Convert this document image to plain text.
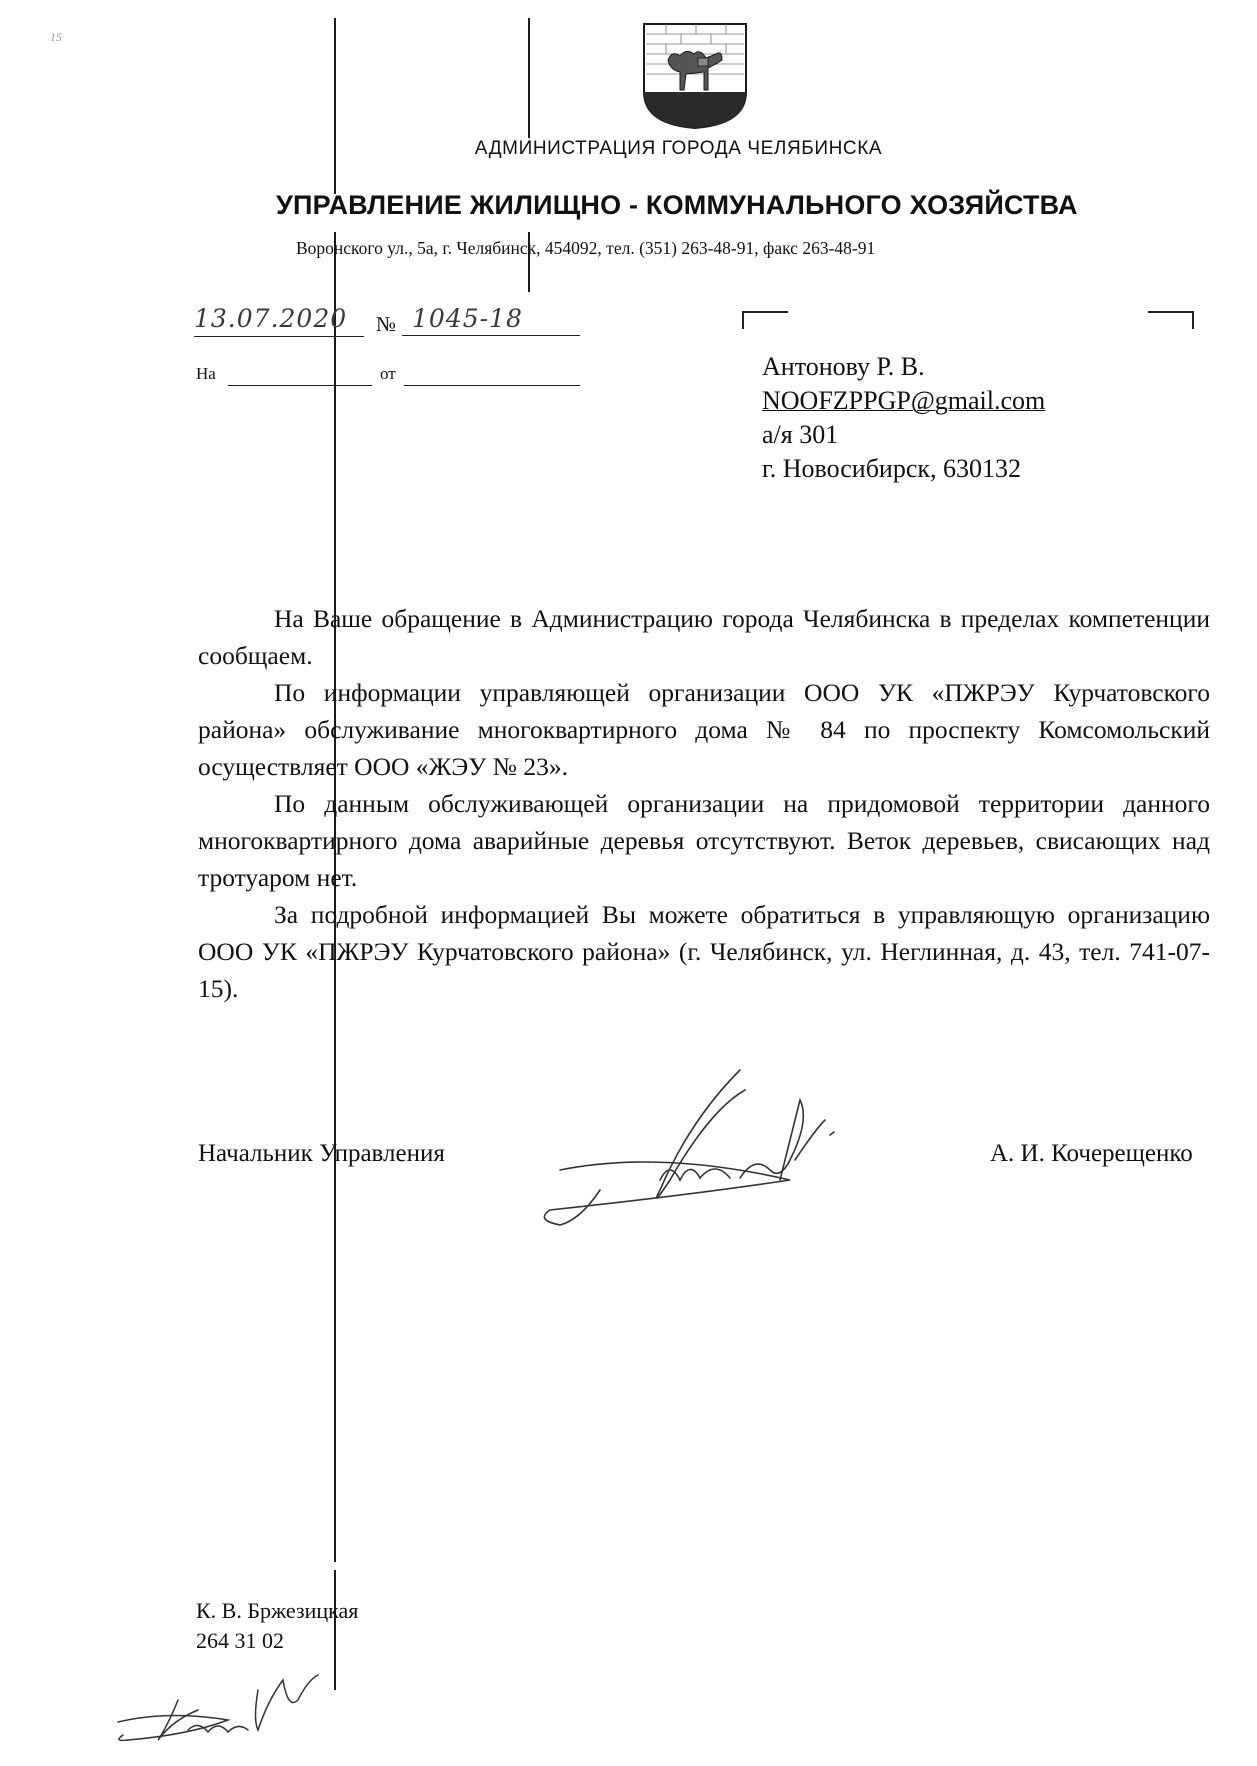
15
АДМИНИСТРАЦИЯ ГОРОДА ЧЕЛЯБИНСКА
УПРАВЛЕНИЕ ЖИЛИЩНО - КОММУНАЛЬНОГО ХОЗЯЙСТВА
Воронского ул., 5а, г. Челябинск, 454092, тел. (351) 263-48-91, факс 263-48-91
13.07.2020	№ 1045-18
На	от	Антонову Р. В.
NOOFZPPGP@gmail.com
а/я 301
г. Новосибирск, 630132

На Ваше обращение в Администрацию города Челябинска в пределах компетенции сообщаем.

По информации управляющей организации ООО УК «ПЖРЭУ Курчатовского района» обслуживание многоквартирного дома № 84 по проспекту Комсомольский осуществляет ООО «ЖЭУ № 23».

По данным обслуживающей организации на придомовой территории данного многоквартирного дома аварийные деревья отсутствуют. Веток деревьев, свисающих над тротуаром нет.

За подробной информацией Вы можете обратиться в управляющую организацию ООО УК «ПЖРЭУ Курчатовского района» (г. Челябинск, ул. Неглинная, д. 43, тел. 741-07-15).

Начальник Управления	А. И. Кочерещенко
К. В. Бржезицкая
264 31 02
